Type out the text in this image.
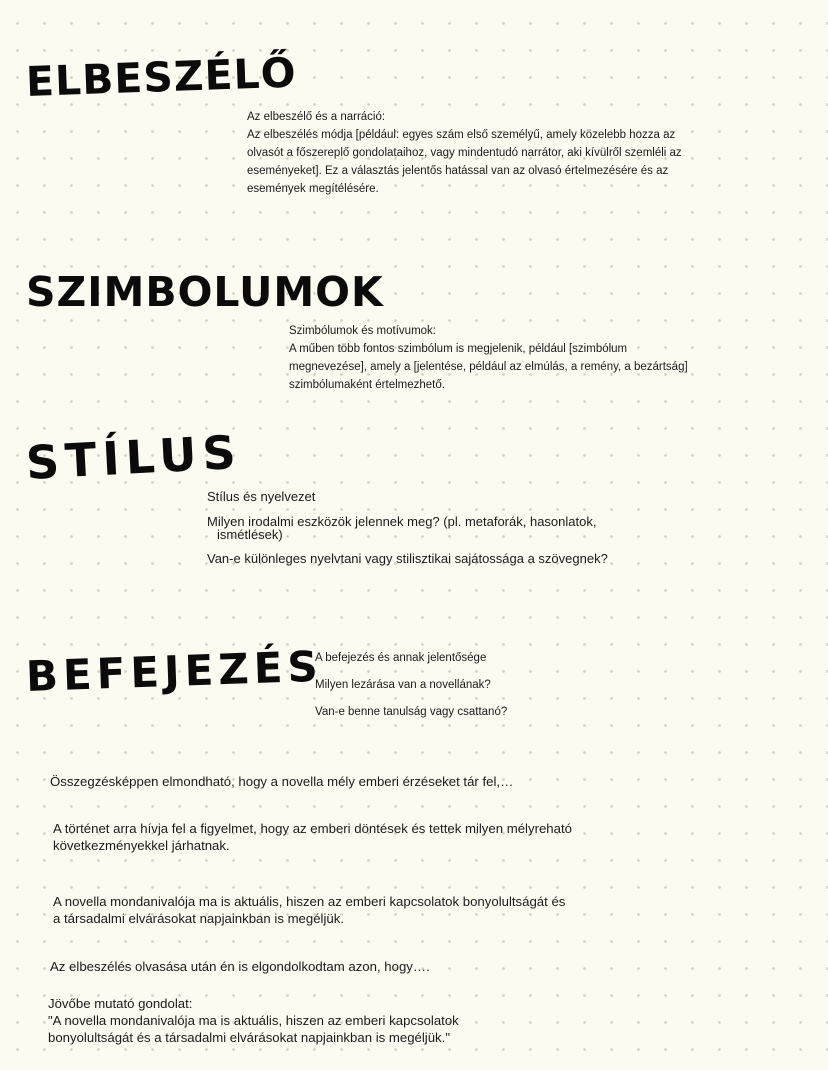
ELBESZÉLŐ
Az elbeszélő és a narráció:
Az elbeszélés módja [például: egyes szám első személyű, amely közelebb hozza az
olvasót a főszereplő gondolataihoz, vagy mindentudó narrátor, aki kívülről szemléli az
eseményeket]. Ez a választás jelentős hatással van az olvasó értelmezésére és az
események megítélésére.
SZIMBOLUMOK
Szimbólumok és motívumok:
A műben több fontos szimbólum is megjelenik, például [szimbólum
megnevezése], amely a [jelentése, például az elmúlás, a remény, a bezártság]
szimbólumaként értelmezhető.
STÍLUS
Stílus és nyelvezet
Milyen irodalmi eszközök jelennek meg? (pl. metaforák, hasonlatok,
ismétlések)
Van-e különleges nyelvtani vagy stilisztikai sajátossága a szövegnek?
BEFEJEZÉS
A befejezés és annak jelentősége
Milyen lezárása van a novellának?
Van-e benne tanulság vagy csattanó?
Összegzésképpen elmondható, hogy a novella mély emberi érzéseket tár fel,…
A történet arra hívja fel a figyelmet, hogy az emberi döntések és tettek milyen mélyreható
következményekkel járhatnak.
A novella mondanivalója ma is aktuális, hiszen az emberi kapcsolatok bonyolultságát és
a társadalmi elvárásokat napjainkban is megéljük.
Az elbeszélés olvasása után én is elgondolkodtam azon, hogy….
Jövőbe mutató gondolat:
"A novella mondanivalója ma is aktuális, hiszen az emberi kapcsolatok
bonyolultságát és a társadalmi elvárásokat napjainkban is megéljük."
